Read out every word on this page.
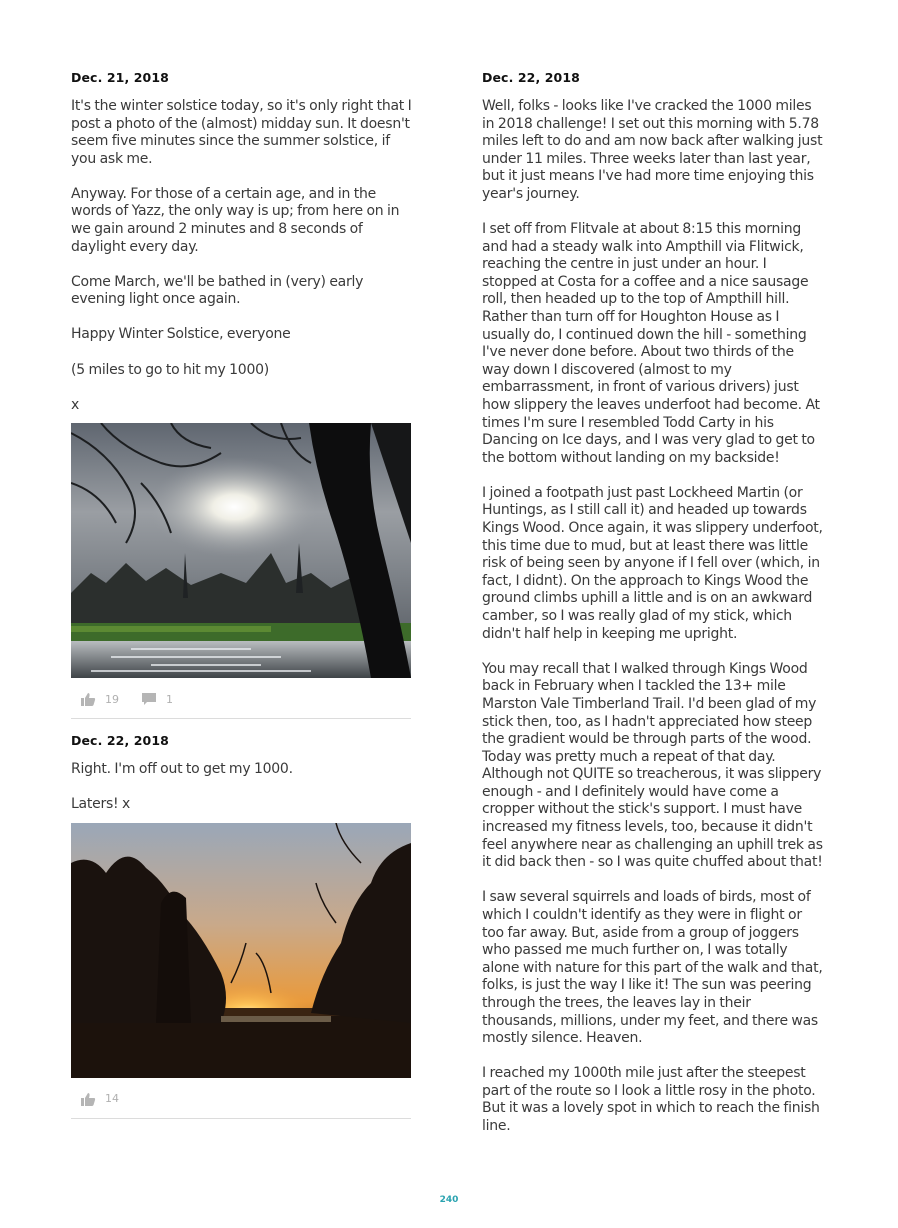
Dec. 21, 2018

It's the winter solstice today, so it's only right that I post a photo of the (almost) midday sun. It doesn't seem five minutes since the summer solstice, if you ask me.

Anyway. For those of a certain age, and in the words of Yazz, the only way is up; from here on in we gain around 2 minutes and 8 seconds of daylight every day.

Come March, we'll be bathed in (very) early evening light once again.

Happy Winter Solstice, everyone

(5 miles to go to hit my 1000)

x

19	1
Dec. 22, 2018

Right. I'm off out to get my 1000.

Laters! x

14
Dec. 22, 2018

Well, folks - looks like I've cracked the 1000 miles in 2018 challenge! I set out this morning with 5.78 miles left to do and am now back after walking just under 11 miles. Three weeks later than last year, but it just means I've had more time enjoying this year's journey.

I set off from Flitvale at about 8:15 this morning and had a steady walk into Ampthill via Flitwick, reaching the centre in just under an hour. I stopped at Costa for a coffee and a nice sausage roll, then headed up to the top of Ampthill hill. Rather than turn off for Houghton House as I usually do, I continued down the hill - something I've never done before. About two thirds of the way down I discovered (almost to my embarrassment, in front of various drivers) just how slippery the leaves underfoot had become. At times I'm sure I resembled Todd Carty in his Dancing on Ice days, and I was very glad to get to the bottom without landing on my backside!

I joined a footpath just past Lockheed Martin (or Huntings, as I still call it) and headed up towards Kings Wood. Once again, it was slippery underfoot, this time due to mud, but at least there was little risk of being seen by anyone if I fell over (which, in fact, I didnt). On the approach to Kings Wood the ground climbs uphill a little and is on an awkward camber, so I was really glad of my stick, which didn't half help in keeping me upright.

You may recall that I walked through Kings Wood back in February when I tackled the 13+ mile Marston Vale Timberland Trail. I'd been glad of my stick then, too, as I hadn't appreciated how steep the gradient would be through parts of the wood. Today was pretty much a repeat of that day. Although not QUITE so treacherous, it was slippery enough - and I definitely would have come a cropper without the stick's support. I must have increased my fitness levels, too, because it didn't feel anywhere near as challenging an uphill trek as it did back then - so I was quite chuffed about that!

I saw several squirrels and loads of birds, most of which I couldn't identify as they were in flight or too far away. But, aside from a group of joggers who passed me much further on, I was totally alone with nature for this part of the walk and that, folks, is just the way I like it! The sun was peering through the trees, the leaves lay in their thousands, millions, under my feet, and there was mostly silence. Heaven.

I reached my 1000th mile just after the steepest part of the route so I look a little rosy in the photo. But it was a lovely spot in which to reach the finish line.

240
